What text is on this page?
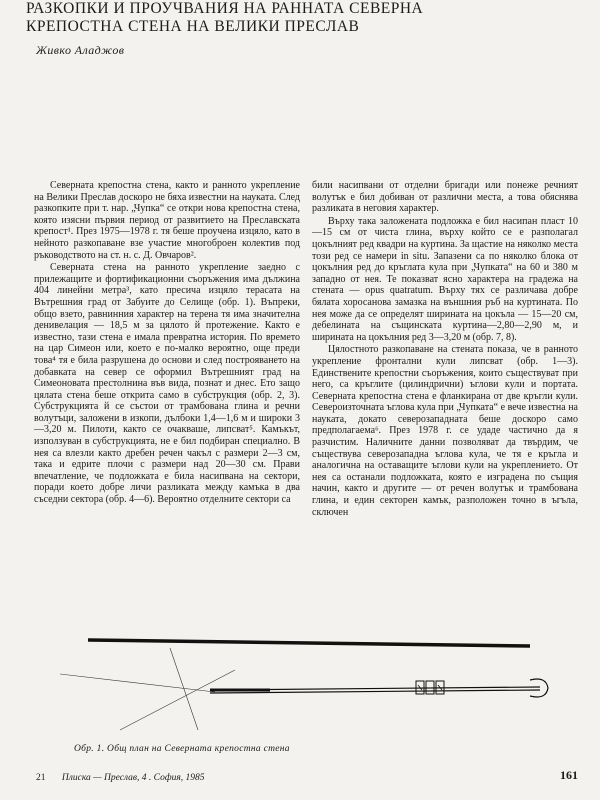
РАЗКОПКИ И ПРОУЧВАНИЯ НА РАННАТА СЕВЕРНА
КРЕПОСТНА СТЕНА НА ВЕЛИКИ ПРЕСЛАВ
Живко Аладжов

Северната крепостна стена, както и ранното укрепление на Велики Преслав доскоро не бяха известни на науката. След разкопките при т. нар. „Чупка“ се откри нова крепостна стена, която изясни първия период от развитието на Преславската крепост¹. През 1975—1978 г. тя беше проучена изцяло, като в нейното разкопаване взе участие многоброен колектив под ръководството на ст. н. с. Д. Овчаров².

Северната стена на ранното укрепление заедно с прилежащите и фортификационни съоръжения има дължина 404 линейни метра³, като пресича изцяло терасата на Вътрешния град от Забуите до Селище (обр. 1). Въпреки, общо взето, равнинния характер на терена тя има значителна денивелация — 18,5 м за цялото й протежение. Както е известно, тази стена е имала превратна история. По времето на цар Симеон или, което е по-малко вероятно, още преди това⁴ тя е била разрушена до основи и след построяването на добавката на север се оформил Вътрешният град на Симеоновата престолнина във вида, познат и днес. Ето защо цялата стена беше открита само в субструкция (обр. 2, 3). Субструкцията й се състои от трамбована глина и речни волутъци, заложени в изкопи, дълбоки 1,4—1,6 м и широки 3—3,20 м. Пилоти, както се очакваше, липсват⁵. Камъкът, използуван в субструкцията, не е бил подбиран специално. В нея са влезли както дребен речен чакъл с размери 2—3 см, така и едрите плочи с размери над 20—30 см. Прави впечатление, че подложката е била насипвана на сектори, поради което добре личи разликата между камъка в два съседни сектора (обр. 4—6). Вероятно отделните сектори са

били насипвани от отделни бригади или понеже речният волутък е бил добиван от различни места, а това обяснява разликата в неговия характер.

Върху така заложената подложка е бил насипан пласт 10—15 см от чиста глина, върху който се е разполагал цокълният ред квадри на куртина. За щастие на няколко места този ред се намери in situ. Запазени са по няколко блока от цокълния ред до кръглата кула при „Чупката“ на 60 и 380 м западно от нея. Те показват ясно характера на градежа на стената — opus quatratum. Върху тях се различава добре бялата хоросанова замазка на външния ръб на куртината. По нея може да се определят ширината на цокъла — 15—20 см, дебелината на същинската куртина—2,80—2,90 м, и ширината на цокълния ред 3—3,20 м (обр. 7, 8).

Цялостното разкопаване на стената показа, че в ранното укрепление фронтални кули липсват (обр. 1—3). Единствените крепостни съоръжения, които съществуват при него, са кръглите (цилиндрични) ъглови кули и портата. Северната крепостна стена е фланкирана от две кръгли кули. Североизточната ъглова кула при „Чупката“ е вече известна на науката, докато северозападната беше доскоро само предполагаема⁶. През 1978 г. се удаде частично да я разчистим. Наличните данни позволяват да твърдим, че съществува северозападна ъглова кула, че тя е кръгла и аналогична на оставащите ъглови кули на укреплението. От нея са останали подложката, която е изградена по същия начин, както и другите — от речен волутък и трамбована глина, и един секторен камък, разположен точно в ъгъла, сключен

Обр. 1. Общ план на Северната крепостна стена
21 Плиска — Преслав, 4 . София, 1985	161
